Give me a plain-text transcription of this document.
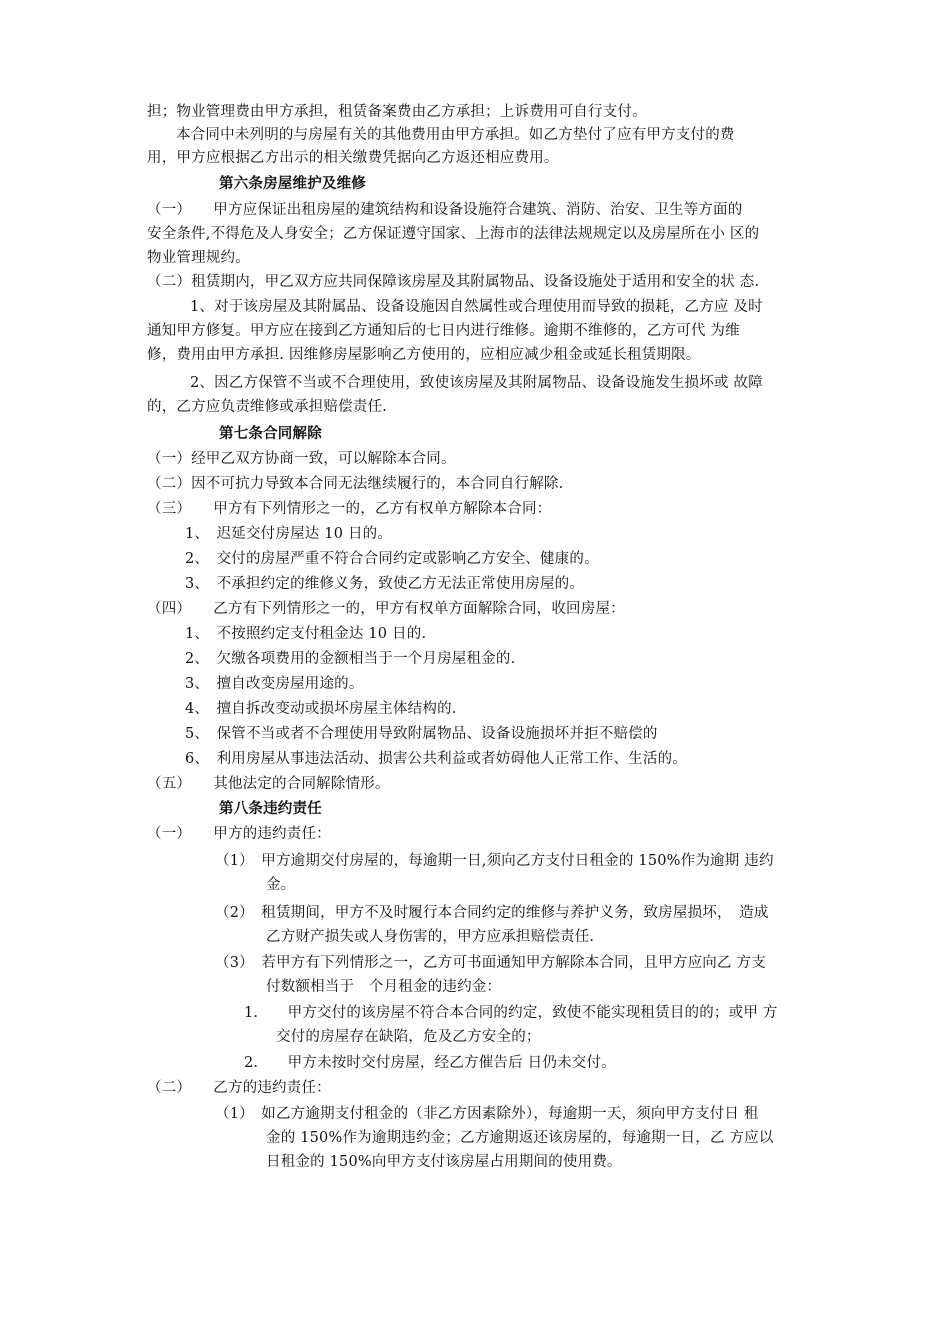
担；物业管理费由甲方承担，租赁备案费由乙方承担；上诉费用可自行支付。
本合同中未列明的与房屋有关的其他费用由甲方承担。如乙方垫付了应有甲方支付的费
用，甲方应根据乙方出示的相关缴费凭据向乙方返还相应费用。
第六条房屋维护及维修
（一）　　甲方应保证出租房屋的建筑结构和设备设施符合建筑、消防、治安、卫生等方面的
安全条件,不得危及人身安全；乙方保证遵守国家、上海市的法律法规规定以及房屋所在小 区的
物业管理规约。
（二）租赁期内，甲乙双方应共同保障该房屋及其附属物品、设备设施处于适用和安全的状 态.
1、对于该房屋及其附属品、设备设施因自然属性或合理使用而导致的损耗，乙方应 及时
通知甲方修复。甲方应在接到乙方通知后的七日内进行维修。逾期不维修的，乙方可代 为维
修，费用由甲方承担. 因维修房屋影响乙方使用的，应相应减少租金或延长租赁期限。
2、因乙方保管不当或不合理使用，致使该房屋及其附属物品、设备设施发生损坏或 故障
的，乙方应负责维修或承担赔偿责任.
第七条合同解除
（一）经甲乙双方协商一致，可以解除本合同。
（二）因不可抗力导致本合同无法继续履行的，本合同自行解除.
（三）　　甲方有下列情形之一的，乙方有权单方解除本合同：
1、　迟延交付房屋达 10 日的。
2、　交付的房屋严重不符合合同约定或影响乙方安全、健康的。
3、　不承担约定的维修义务，致使乙方无法正常使用房屋的。
（四）　　乙方有下列情形之一的，甲方有权单方面解除合同，收回房屋：
1、　不按照约定支付租金达 10 日的.
2、　欠缴各项费用的金额相当于一个月房屋租金的.
3、　擅自改变房屋用途的。
4、　擅自拆改变动或损坏房屋主体结构的.
5、　保管不当或者不合理使用导致附属物品、设备设施损坏并拒不赔偿的
6、　利用房屋从事违法活动、损害公共利益或者妨碍他人正常工作、生活的。
（五）　　其他法定的合同解除情形。
第八条违约责任
（一）　　甲方的违约责任：
（1）　甲方逾期交付房屋的，每逾期一日,须向乙方支付日租金的 150%作为逾期 违约
金。
（2）　租赁期间，甲方不及时履行本合同约定的维修与养护义务，致房屋损坏，　造成
乙方财产损失或人身伤害的，甲方应承担赔偿责任.
（3）　若甲方有下列情形之一，乙方可书面通知甲方解除本合同，且甲方应向乙 方支
付数额相当于　个月租金的违约金：
1.　　甲方交付的该房屋不符合本合同的约定，致使不能实现租赁目的的；或甲 方
交付的房屋存在缺陷，危及乙方安全的；
2.　　甲方未按时交付房屋，经乙方催告后 日仍未交付。
（二）　　乙方的违约责任：
（1）　如乙方逾期支付租金的（非乙方因素除外），每逾期一天，须向甲方支付日 租
金的 150%作为逾期违约金；乙方逾期返还该房屋的，每逾期一日，乙 方应以
日租金的 150%向甲方支付该房屋占用期间的使用费。
